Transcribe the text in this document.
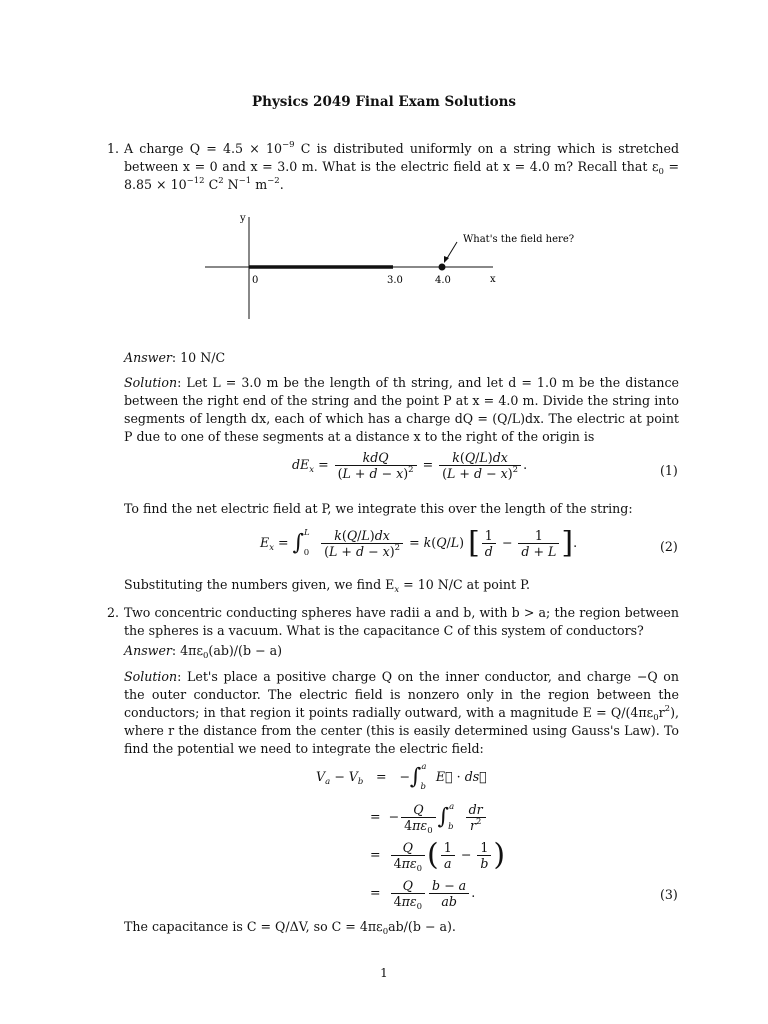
Physics 2049 Final Exam Solutions
1. A charge $Q = 4.5 \times 10^{-9}$ C is distributed uniformly on a string which is stretched between x = 0 and x = 3.0 m. What is the electric field at x = 4.0 m? Recall that $\varepsilon_0 = 8.85 \times 10^{-12}$ $C^2$ $N^{-1}$ $m^{-2}$.
y
x
0	3.0	4.0
What's the field here?
Answer: 10 N/C
Solution: Let L = 3.0 m be the length of th string, and let d = 1.0 m be the distance between the right end of the string and the point P at x = 4.0 m. Divide the string into segments of length dx, each of which has a charge dQ = (Q/L)dx. The electric at point P due to one of these segments at a distance x to the right of the origin is
$dE_x = \frac{\text{kdQ}}{(L + d - x)^2} = \frac{k(Q/L)dx}{(L + d - x)^2}$ .	(1)
To find the net electric field at P, we integrate this over the length of the string:
$E_x = \int^L_0 \frac{k(Q/L)dx}{(L + d - x)^2} = k(Q/L)$ [ $\frac{1}{d} - \frac{1}{d + L}$ ].	(2)
Substituting the numbers given, we find $E_x = 10$ N/C at point P.
2. Two concentric conducting spheres have radii a and b, with b > a; the region between the spheres is a vacuum. What is the capacitance C of this system of conductors?
Answer: $4\pi\varepsilon_0(ab)/(b - a)$
Solution: Let's place a positive charge Q on the inner conductor, and charge −Q on the outer conductor. The electric field is nonzero only in the region between the conductors; in that region it points radially outward, with a magnitude $E = Q/(4\pi\varepsilon_0r^2)$, where r the distance from the center (this is easily determined using Gauss's Law). To find the potential we need to integrate the electric field:
$V_a - V_b = -\int^a_b$ E⃗ · ds⃗
=  − $\frac{Q}{4\pi\varepsilon_0} \int^a_b \frac{dr}{r^2}$
= $\frac{Q}{4\pi\varepsilon_0}$ ( $\frac{1}{a} - \frac{1}{b}$ )
= $\frac{Q}{4\pi\varepsilon_0} \frac{b - a}{ab}$ .	(3)
The capacitance is C = Q/ΔV, so $C = 4\pi\varepsilon_0ab/(b - a)$.
1
